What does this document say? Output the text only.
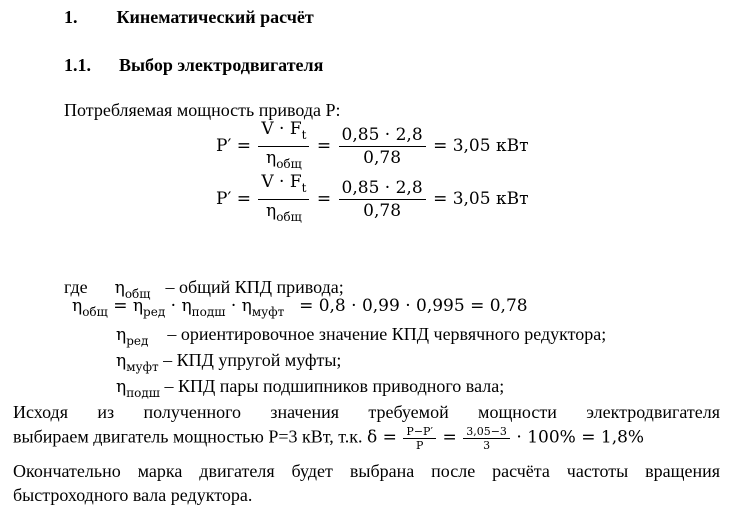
1. Кинематический расчёт
1.1. Выбор электродвигателя
Потребляемая мощность привода P:
$P' = \frac{V \cdot F_t}{\eta_{общ}} = \frac{0,85 \cdot 2,8}{0,78} = 3,05$ кВт
$P' = \frac{V \cdot F_t}{\eta_{общ}} = \frac{0,85 \cdot 2,8}{0,78} = 3,05$ кВт
где $\eta_{общ}$ – общий КПД привода;
$\eta_{общ} = \eta_{ред} \cdot \eta_{подш} \cdot \eta_{муфт} = 0,8 \cdot 0,99 \cdot 0,995 = 0,78$
$\eta_{ред}$ – ориентировочное значение КПД червячного редуктора;
$\eta_{муфт}$ – КПД упругой муфты;
$\eta_{подш}$ – КПД пары подшипников приводного вала;
Исходя из полученного значения требуемой мощности электродвигателя
выбираем двигатель мощностью Р=3 кВт, т.к. $\delta = \frac{P-P'}{P} = \frac{3,05-3}{3} \cdot 100\% = 1,8\%$
Окончательно марка двигателя будет выбрана после расчёта частоты вращения
быстроходного вала редуктора.
